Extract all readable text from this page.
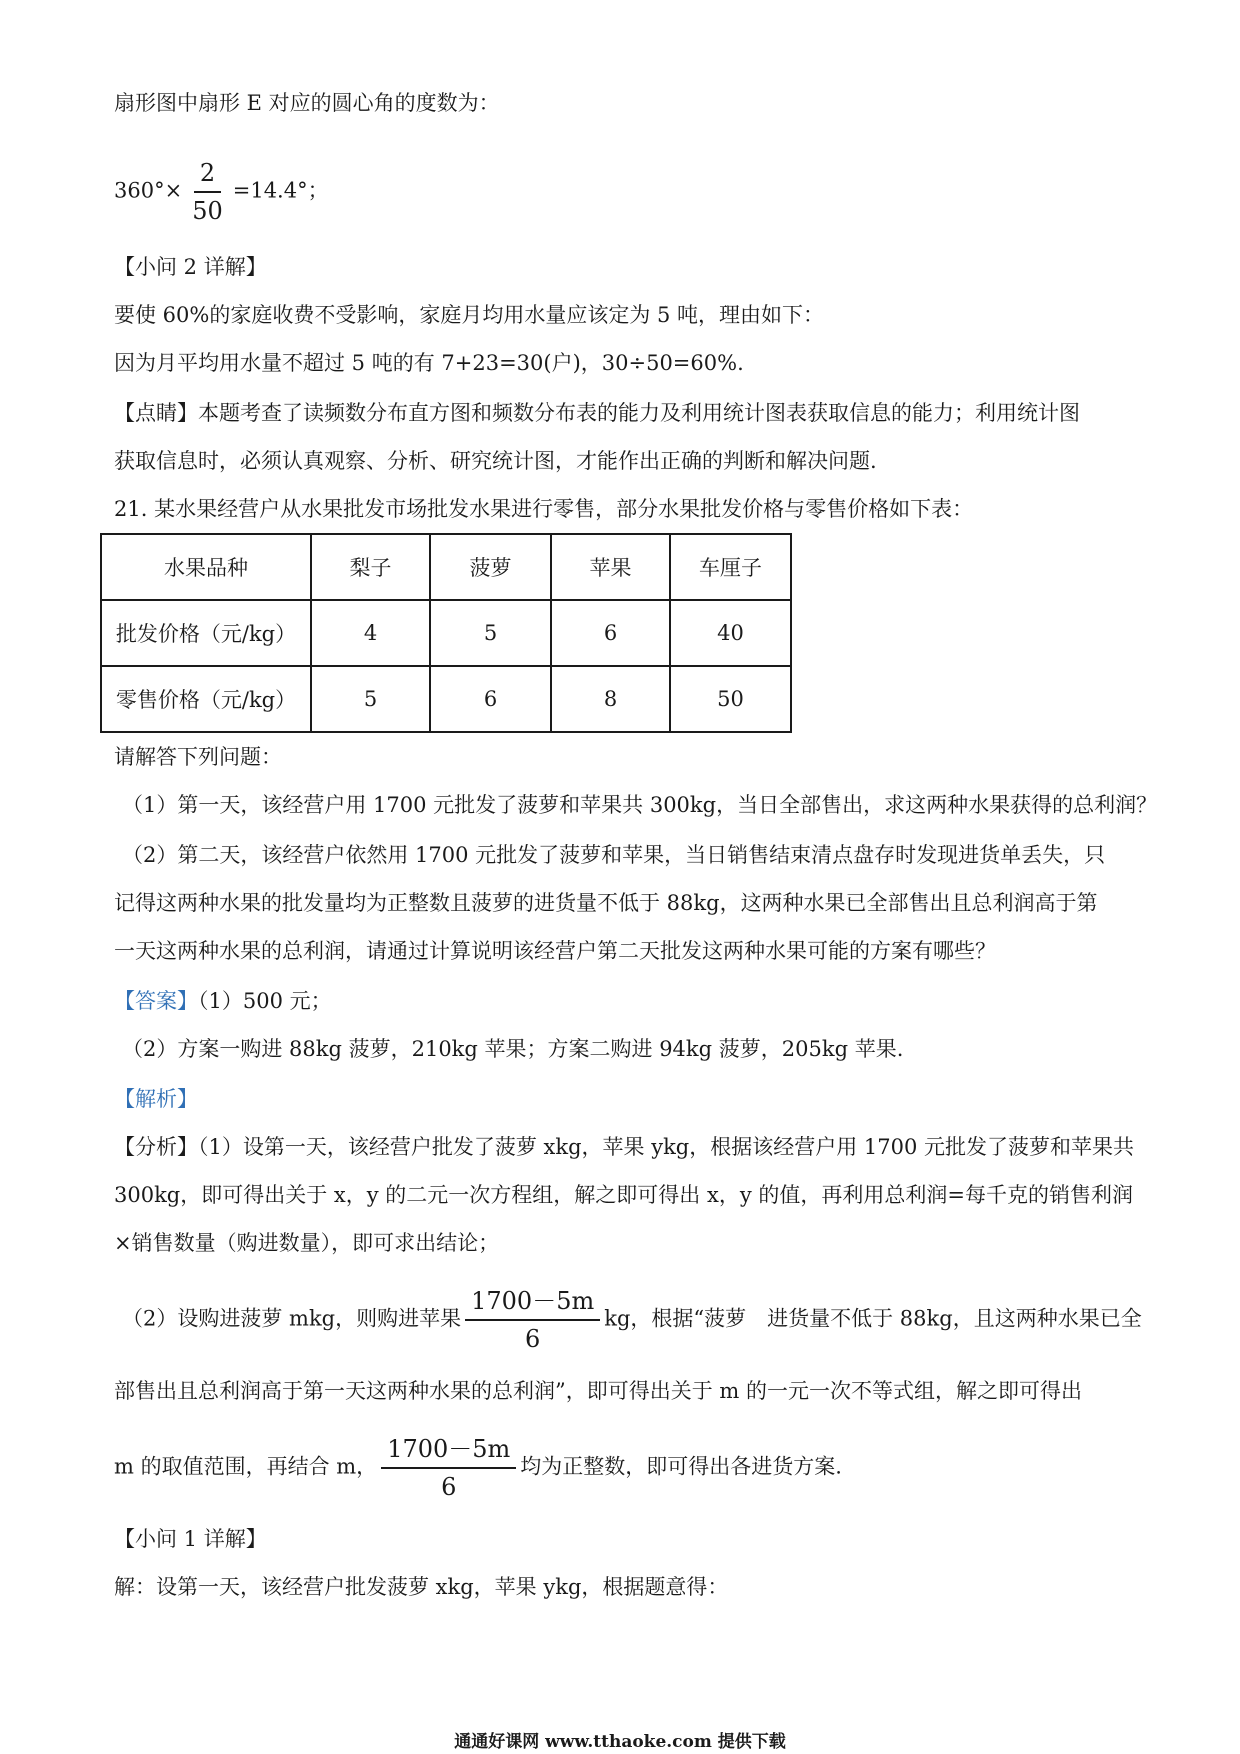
扇形图中扇形 E 对应的圆心角的度数为：
$360^\circ\times \frac{2}{50} =14.4^\circ$；
【小问 2 详解】
要使 60%的家庭收费不受影响，家庭月均用水量应该定为 5 吨，理由如下：
因为月平均用水量不超过 5 吨的有 7+23=30(户)，30÷50=60%.
【点睛】本题考查了读频数分布直方图和频数分布表的能力及利用统计图表获取信息的能力；利用统计图
获取信息时，必须认真观察、分析、研究统计图，才能作出正确的判断和解决问题.
21. 某水果经营户从水果批发市场批发水果进行零售，部分水果批发价格与零售价格如下表：
水果品种	梨子	菠萝	苹果	车厘子
批发价格（元/kg）	4	5	6	40
零售价格（元/kg）	5	6	8	50
请解答下列问题：
（1）第一天，该经营户用 1700 元批发了菠萝和苹果共 300kg，当日全部售出，求这两种水果获得的总利润？
（2）第二天，该经营户依然用 1700 元批发了菠萝和苹果，当日销售结束清点盘存时发现进货单丢失，只
记得这两种水果的批发量均为正整数且菠萝的进货量不低于 88kg，这两种水果已全部售出且总利润高于第
一天这两种水果的总利润，请通过计算说明该经营户第二天批发这两种水果可能的方案有哪些？
【答案】（1）500 元；
（2）方案一购进 88kg 菠萝，210kg 苹果；方案二购进 94kg 菠萝，205kg 苹果.
【解析】
【分析】（1）设第一天，该经营户批发了菠萝 xkg，苹果 ykg，根据该经营户用 1700 元批发了菠萝和苹果共
300kg，即可得出关于 x，y 的二元一次方程组，解之即可得出 x，y 的值，再利用总利润=每千克的销售利润
×销售数量（购进数量），即可求出结论；
（2）设购进菠萝 mkg，则购进苹果 $\frac{1700-5m}{6}$ kg，根据“菠萝　进货量不低于 88kg，且这两种水果已全
部售出且总利润高于第一天这两种水果的总利润”，即可得出关于 m 的一元一次不等式组，解之即可得出
m 的取值范围，再结合 m， $\frac{1700-5m}{6}$ 均为正整数，即可得出各进货方案.
【小问 1 详解】
解：设第一天，该经营户批发菠萝 xkg，苹果 ykg，根据题意得：
通通好课网 www.tthaoke.com 提供下载
